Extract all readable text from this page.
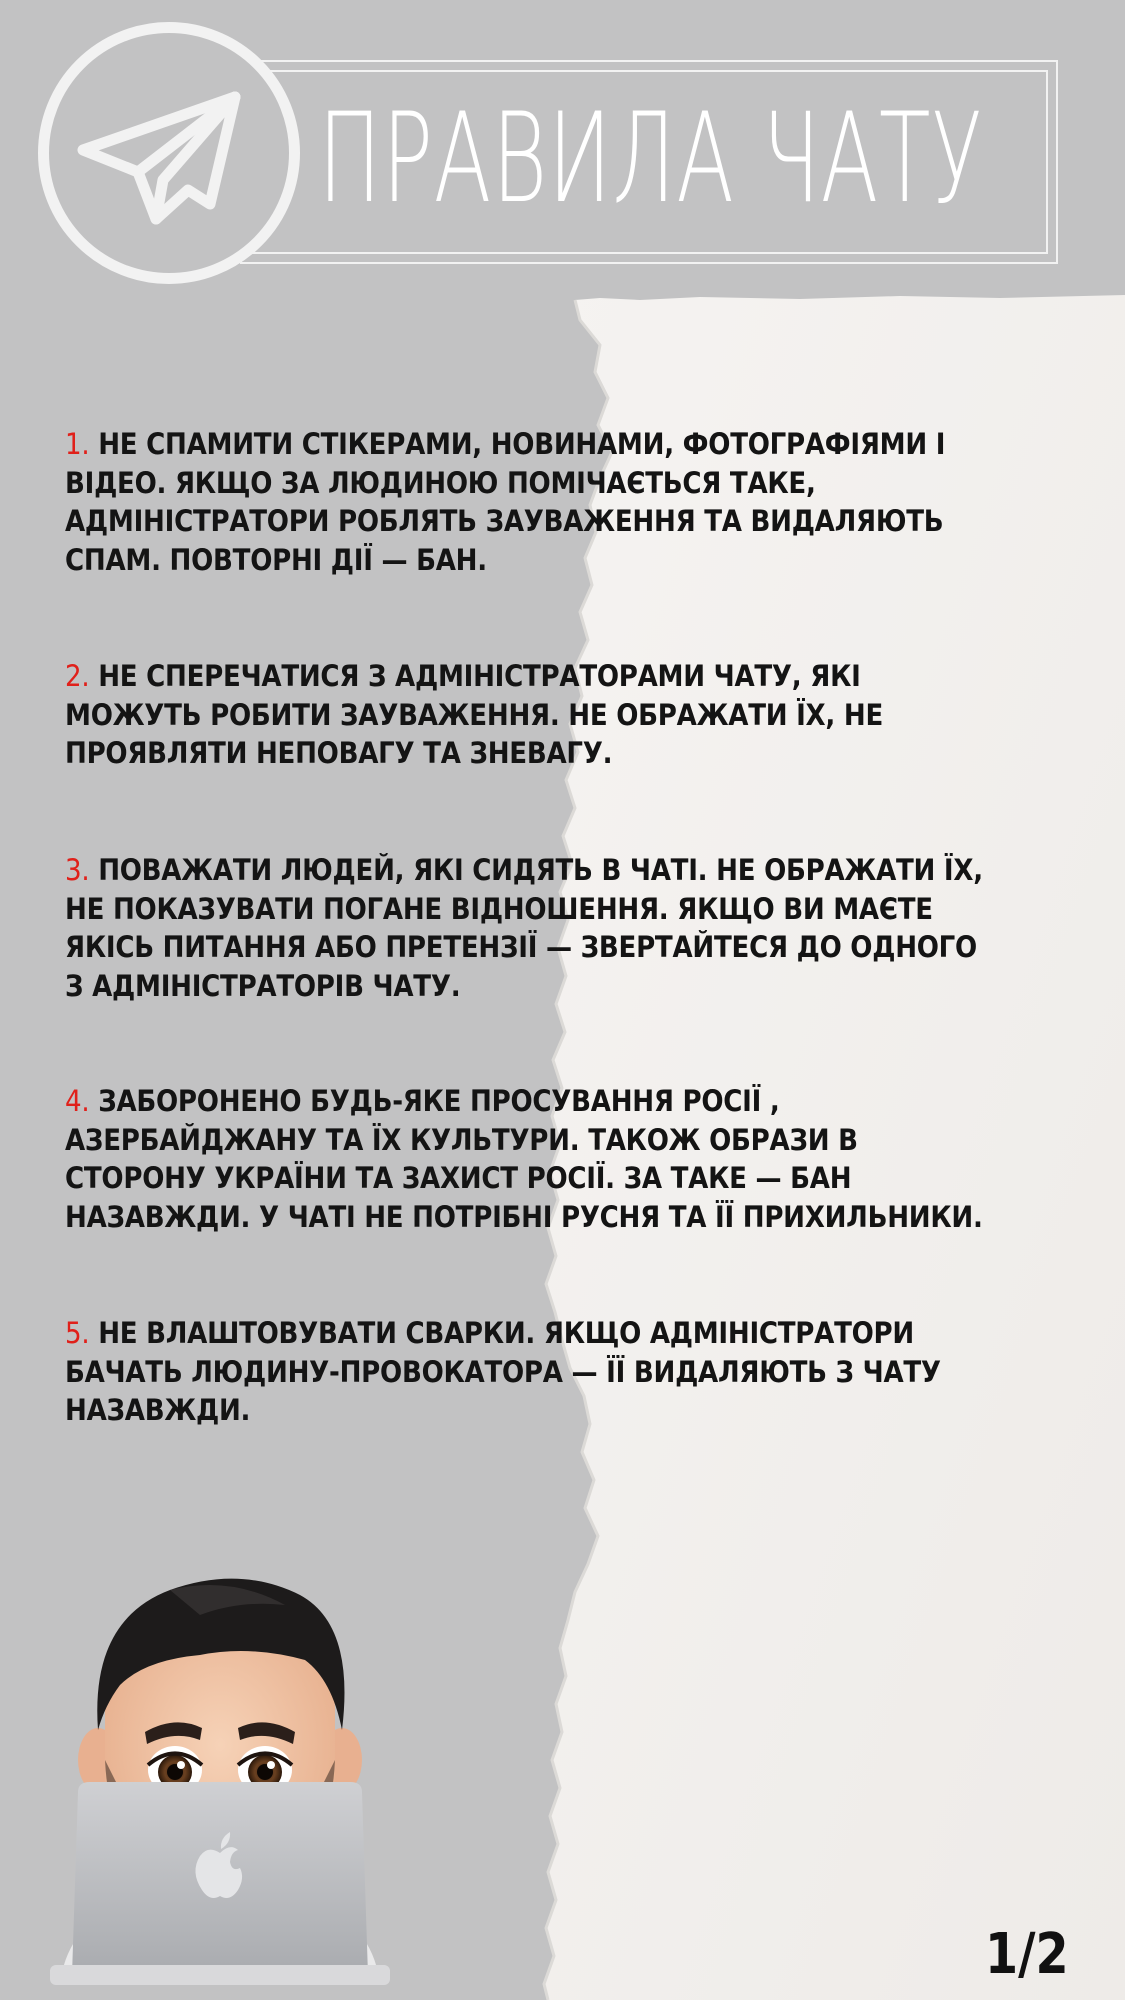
ПРАВИЛА ЧАТУ
1. НЕ СПАМИТИ СТІКЕРАМИ, НОВИНАМИ, ФОТОГРАФІЯМИ І
ВІДЕО. ЯКЩО ЗА ЛЮДИНОЮ ПОМІЧАЄТЬСЯ ТАКЕ,
АДМІНІСТРАТОРИ РОБЛЯТЬ ЗАУВАЖЕННЯ ТА ВИДАЛЯЮТЬ
СПАМ. ПОВТОРНІ ДІЇ — БАН.
2. НЕ СПЕРЕЧАТИСЯ З АДМІНІСТРАТОРАМИ ЧАТУ, ЯКІ
МОЖУТЬ РОБИТИ ЗАУВАЖЕННЯ. НЕ ОБРАЖАТИ ЇХ, НЕ
ПРОЯВЛЯТИ НЕПОВАГУ ТА ЗНЕВАГУ.
3. ПОВАЖАТИ ЛЮДЕЙ, ЯКІ СИДЯТЬ В ЧАТІ. НЕ ОБРАЖАТИ ЇХ,
НЕ ПОКАЗУВАТИ ПОГАНЕ ВІДНОШЕННЯ. ЯКЩО ВИ МАЄТЕ
ЯКІСЬ ПИТАННЯ АБО ПРЕТЕНЗІЇ — ЗВЕРТАЙТЕСЯ ДО ОДНОГО
З АДМІНІСТРАТОРІВ ЧАТУ.
4. ЗАБОРОНЕНО БУДЬ-ЯКЕ ПРОСУВАННЯ РОСІЇ ,
АЗЕРБАЙДЖАНУ ТА ЇХ КУЛЬТУРИ. ТАКОЖ ОБРАЗИ В
СТОРОНУ УКРАЇНИ ТА ЗАХИСТ РОСІЇ. ЗА ТАКЕ — БАН
НАЗАВЖДИ. У ЧАТІ НЕ ПОТРІБНІ РУСНЯ ТА ЇЇ ПРИХИЛЬНИКИ.
5. НЕ ВЛАШТОВУВАТИ СВАРКИ. ЯКЩО АДМІНІСТРАТОРИ
БАЧАТЬ ЛЮДИНУ-ПРОВОКАТОРА — ЇЇ ВИДАЛЯЮТЬ З ЧАТУ
НАЗАВЖДИ.
1/2
